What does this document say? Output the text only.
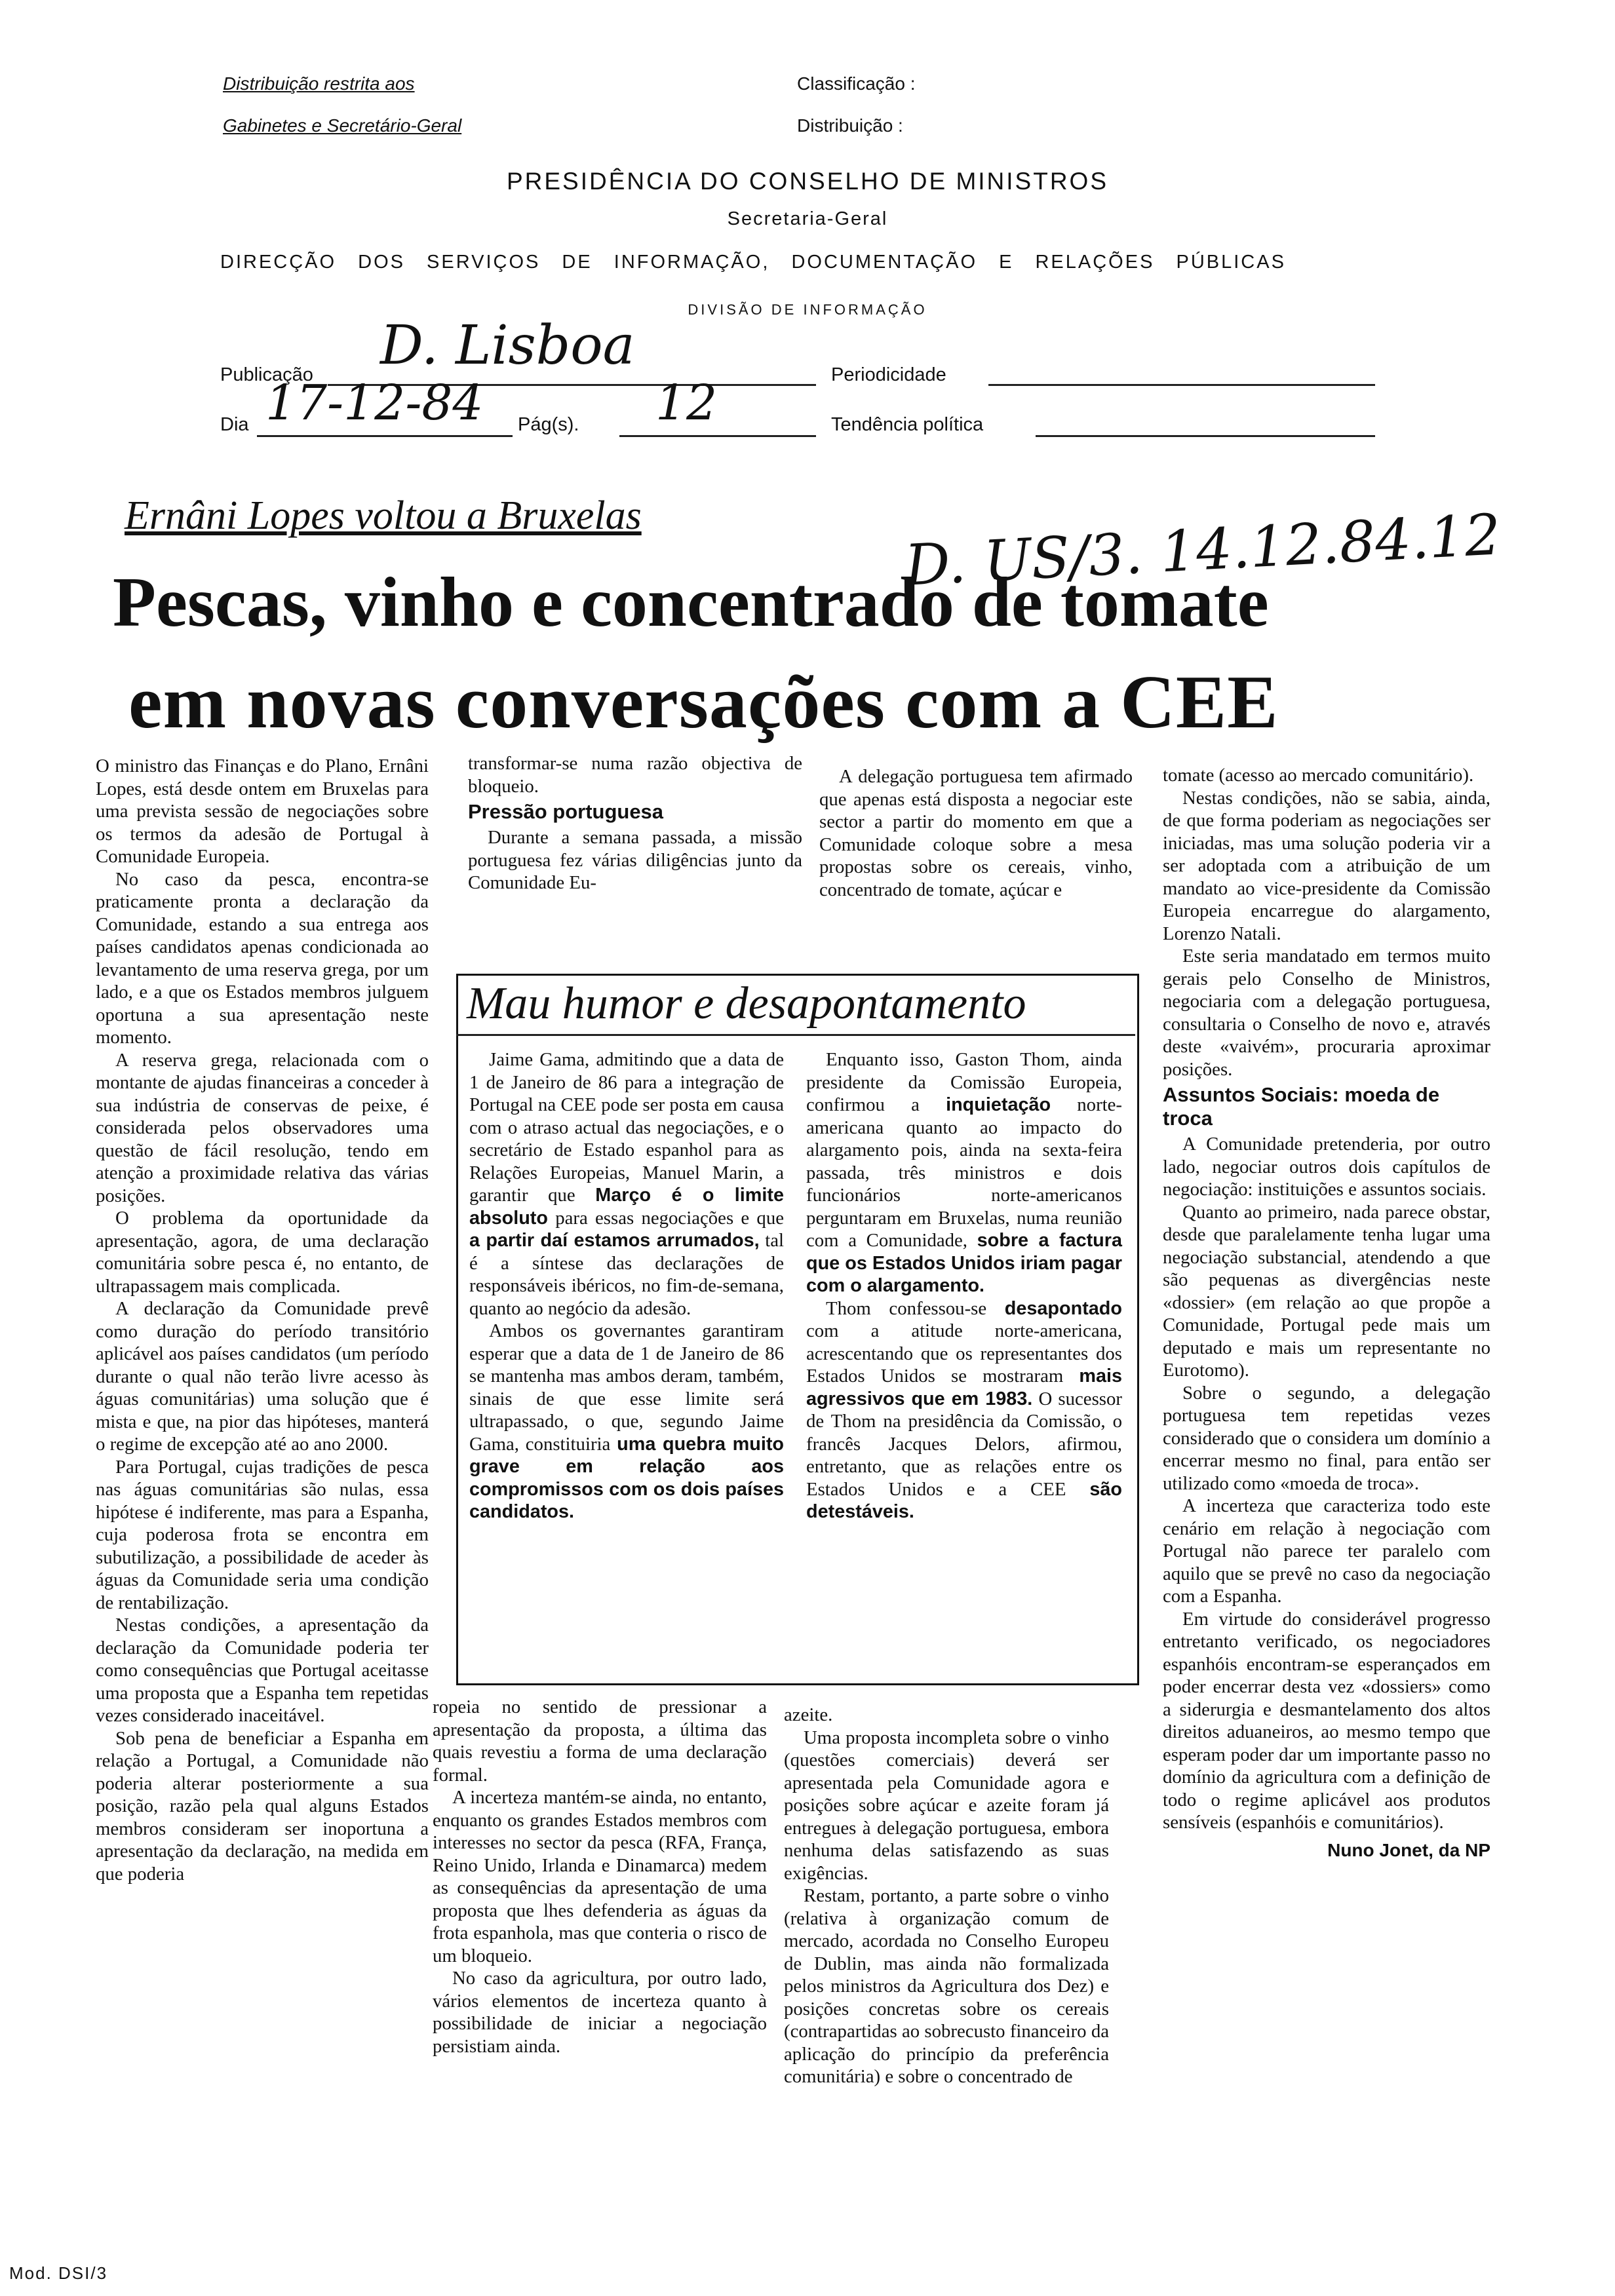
Distribuição restrita aos
Gabinetes e Secretário-Geral
Classificação :
Distribuição :
PRESIDÊNCIA DO CONSELHO DE MINISTROS
Secretaria-Geral
DIRECÇÃO DOS SERVIÇOS DE INFORMAÇÃO, DOCUMENTAÇÃO E RELAÇÕES PÚBLICAS
DIVISÃO DE INFORMAÇÃO
Publicação D. Lisboa	Periodicidade
Dia 17-12-84 Pág(s). 12	Tendência política
D. US/3. 14.12.84.12
Ernâni Lopes voltou a Bruxelas
Pescas, vinho e concentrado de tomate
em novas conversações com a CEE

O ministro das Finanças e do Plano, Ernâni Lopes, está desde ontem em Bruxelas para uma prevista sessão de negociações sobre os termos da adesão de Portugal à Comunidade Europeia.

No caso da pesca, encontra-se praticamente pronta a declaração da Comunidade, estando a sua entrega aos países candidatos apenas condicionada ao levantamento de uma reserva grega, por um lado, e a que os Estados membros julguem oportuna a sua apresentação neste momento.

A reserva grega, relacionada com o montante de ajudas financeiras a conceder à sua indústria de conservas de peixe, é considerada pelos observadores uma questão de fácil resolução, tendo em atenção a proximidade relativa das várias posições.

O problema da oportunidade da apresentação, agora, de uma declaração comunitária sobre pesca é, no entanto, de ultrapassagem mais complicada.

A declaração da Comunidade prevê como duração do período transitório aplicável aos países candidatos (um período durante o qual não terão livre acesso às águas comunitárias) uma solução que é mista e que, na pior das hipóteses, manterá o regime de excepção até ao ano 2000.

Para Portugal, cujas tradições de pesca nas águas comunitárias são nulas, essa hipótese é indiferente, mas para a Espanha, cuja poderosa frota se encontra em subutilização, a possibilidade de aceder às águas da Comunidade seria uma condição de rentabilização.

Nestas condições, a apresentação da declaração da Comunidade poderia ter como consequências que Portugal aceitasse uma proposta que a Espanha tem repetidas vezes considerado inaceitável.

Sob pena de beneficiar a Espanha em relação a Portugal, a Comunidade não poderia alterar posteriormente a sua posição, razão pela qual alguns Estados membros consideram ser inoportuna a apresentação da declaração, na medida em que poderia

transformar-se numa razão objectiva de bloqueio.

Pressão portuguesa

Durante a semana passada, a missão portuguesa fez várias diligências junto da Comunidade Eu-

A delegação portuguesa tem afirmado que apenas está disposta a negociar este sector a partir do momento em que a Comunidade coloque sobre a mesa propostas sobre os cereais, vinho, concentrado de tomate, açúcar e

Mau humor e desapontamento

Jaime Gama, admitindo que a data de 1 de Janeiro de 86 para a integração de Portugal na CEE pode ser posta em causa com o atraso actual das negociações, e o secretário de Estado espanhol para as Relações Europeias, Manuel Marin, a garantir que Março é o limite absoluto para essas negociações e que a partir daí estamos arrumados, tal é a síntese das declarações de responsáveis ibéricos, no fim-de-semana, quanto ao negócio da adesão.

Ambos os governantes garantiram esperar que a data de 1 de Janeiro de 86 se mantenha mas ambos deram, também, sinais de que esse limite será ultrapassado, o que, segundo Jaime Gama, constituiria uma quebra muito grave em relação aos compromissos com os dois países candidatos.

Enquanto isso, Gaston Thom, ainda presidente da Comissão Europeia, confirmou a inquietação norte-americana quanto ao impacto do alargamento pois, ainda na sexta-feira passada, três ministros e dois funcionários norte-americanos perguntaram em Bruxelas, numa reunião com a Comunidade, sobre a factura que os Estados Unidos iriam pagar com o alargamento.

Thom confessou-se desapontado com a atitude norte-americana, acrescentando que os representantes dos Estados Unidos se mostraram mais agressivos que em 1983. O sucessor de Thom na presidência da Comissão, o francês Jacques Delors, afirmou, entretanto, que as relações entre os Estados Unidos e a CEE são detestáveis.

ropeia no sentido de pressionar a apresentação da proposta, a última das quais revestiu a forma de uma declaração formal.

A incerteza mantém-se ainda, no entanto, enquanto os grandes Estados membros com interesses no sector da pesca (RFA, França, Reino Unido, Irlanda e Dinamarca) medem as consequências da apresentação de uma proposta que lhes defenderia as águas da frota espanhola, mas que conteria o risco de um bloqueio.

No caso da agricultura, por outro lado, vários elementos de incerteza quanto à possibilidade de iniciar a negociação persistiam ainda.

azeite.

Uma proposta incompleta sobre o vinho (questões comerciais) deverá ser apresentada pela Comunidade agora e posições sobre açúcar e azeite foram já entregues à delegação portuguesa, embora nenhuma delas satisfazendo as suas exigências.

Restam, portanto, a parte sobre o vinho (relativa à organização comum de mercado, acordada no Conselho Europeu de Dublin, mas ainda não formalizada pelos ministros da Agricultura dos Dez) e posições concretas sobre os cereais (contrapartidas ao sobrecusto financeiro da aplicação do princípio da preferência comunitária) e sobre o concentrado de

tomate (acesso ao mercado comunitário).

Nestas condições, não se sabia, ainda, de que forma poderiam as negociações ser iniciadas, mas uma solução poderia vir a ser adoptada com a atribuição de um mandato ao vice-presidente da Comissão Europeia encarregue do alargamento, Lorenzo Natali.

Este seria mandatado em termos muito gerais pelo Conselho de Ministros, negociaria com a delegação portuguesa, consultaria o Conselho de novo e, através deste «vaivém», procuraria aproximar posições.

Assuntos Sociais: moeda de troca

A Comunidade pretenderia, por outro lado, negociar outros dois capítulos de negociação: instituições e assuntos sociais.

Quanto ao primeiro, nada parece obstar, desde que paralelamente tenha lugar uma negociação substancial, atendendo a que são pequenas as divergências neste «dossier» (em relação ao que propõe a Comunidade, Portugal pede mais um deputado e mais um representante no Eurotomo).

Sobre o segundo, a delegação portuguesa tem repetidas vezes considerado que o considera um domínio a encerrar mesmo no final, para então ser utilizado como «moeda de troca».

A incerteza que caracteriza todo este cenário em relação à negociação com Portugal não parece ter paralelo com aquilo que se prevê no caso da negociação com a Espanha.

Em virtude do considerável progresso entretanto verificado, os negociadores espanhóis encontram-se esperançados em poder encerrar desta vez «dossiers» como a siderurgia e desmantelamento dos altos direitos aduaneiros, ao mesmo tempo que esperam poder dar um importante passo no domínio da agricultura com a definição de todo o regime aplicável aos produtos sensíveis (espanhóis e comunitários).

Nuno Jonet, da NP
Mod. DSI/3
